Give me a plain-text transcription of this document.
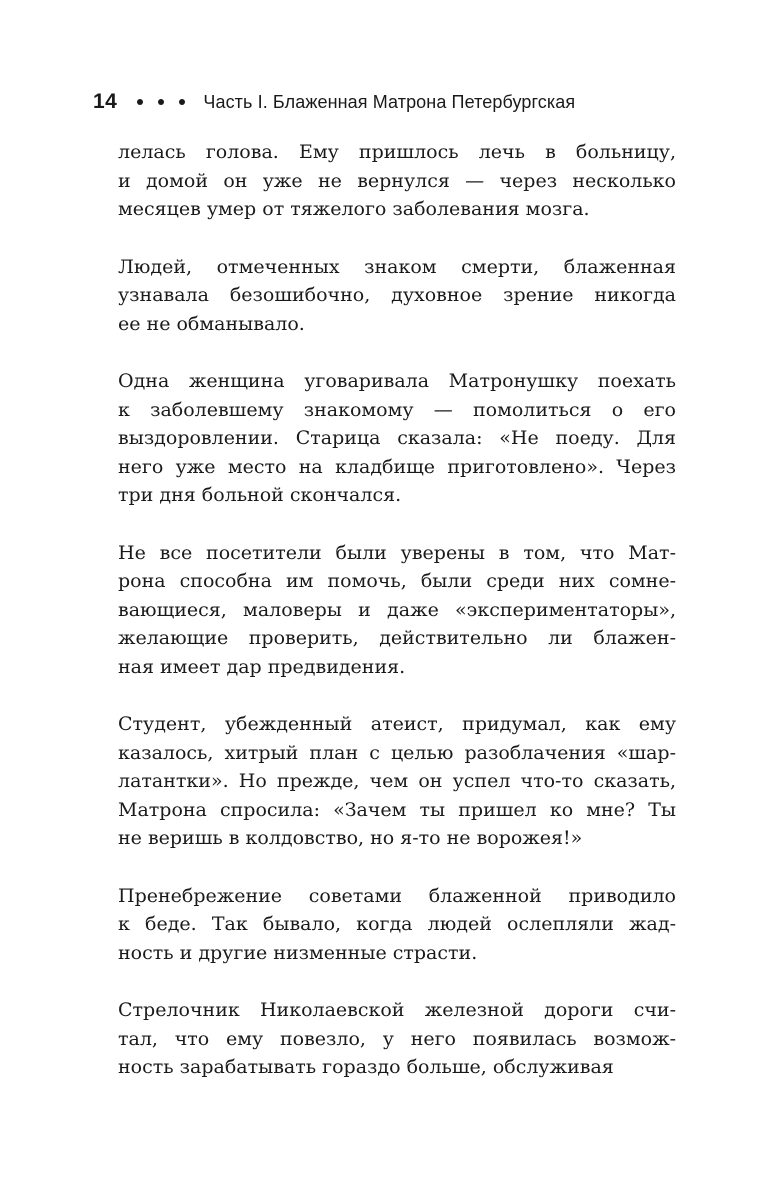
14	Часть I. Блаженная Матрона Петербургская

лелась голова. Ему пришлось лечь в больницу,
и домой он уже не вернулся — через несколько
месяцев умер от тяжелого заболевания мозга.

Людей, отмеченных знаком смерти, блаженная
узнавала безошибочно, духовное зрение никогда
ее не обманывало.

Одна женщина уговаривала Матронушку поехать
к заболевшему знакомому — помолиться о его
выздоровлении. Старица сказала: «Не поеду. Для
него уже место на кладбище приготовлено». Через
три дня больной скончался.

Не все посетители были уверены в том, что Мат-
рона способна им помочь, были среди них сомне-
вающиеся, маловеры и даже «экспериментаторы»,
желающие проверить, действительно ли блажен-
ная имеет дар предвидения.

Студент, убежденный атеист, придумал, как ему
казалось, хитрый план с целью разоблачения «шар-
латантки». Но прежде, чем он успел что-то сказать,
Матрона спросила: «Зачем ты пришел ко мне? Ты
не веришь в колдовство, но я-то не ворожея!»

Пренебрежение советами блаженной приводило
к беде. Так бывало, когда людей ослепляли жад-
ность и другие низменные страсти.

Стрелочник Николаевской железной дороги счи-
тал, что ему повезло, у него появилась возмож-
ность зарабатывать гораздо больше, обслуживая
